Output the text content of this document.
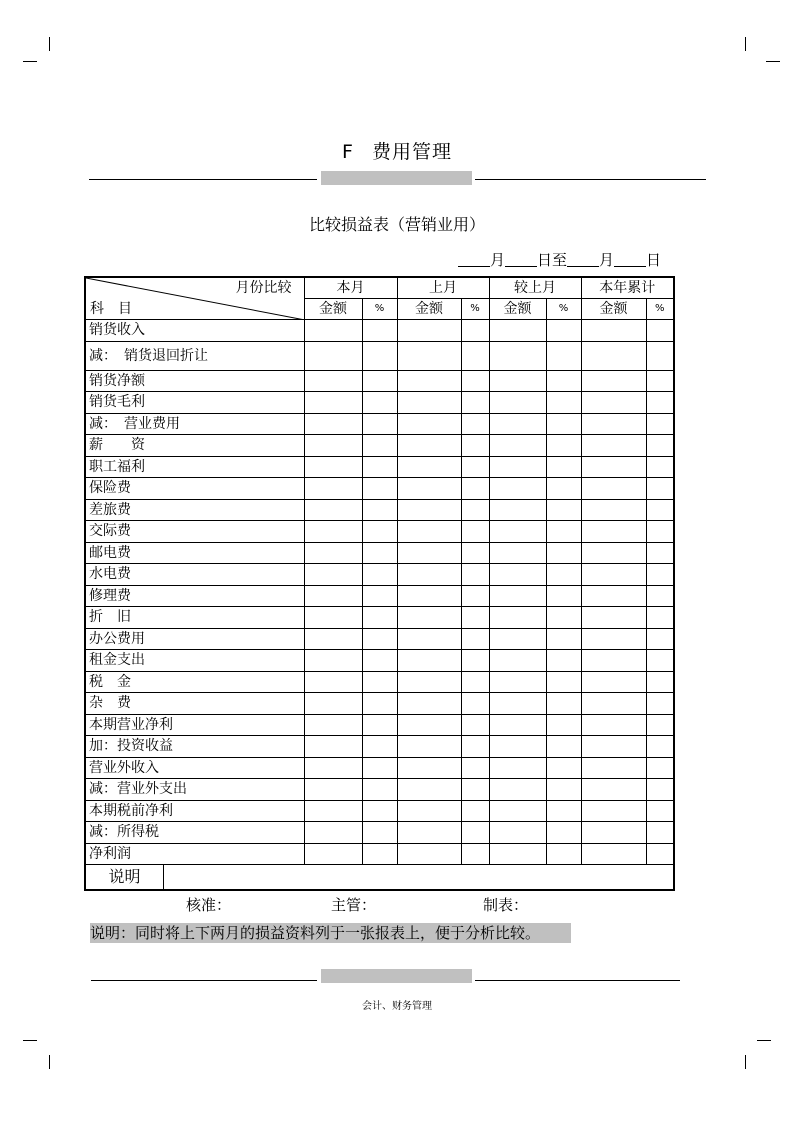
F 费用管理
比较损益表（营销业用）
月 日至 月 日
月份比较
科　目	本月		上月		较上月		本年累计	
	金额	%	金额	%	金额	%	金额	%
销货收入								
减：　销货退回折让								
销货净额								
销货毛利								
减：　营业费用								
薪　　资								
职工福利								
保险费								
差旅费								
交际费								
邮电费								
水电费								
修理费								
折　旧								
办公费用								
租金支出								
税　金								
杂　费								
本期营业净利								
加：投资收益								
营业外收入								
减：营业外支出								
本期税前净利								
减：所得税								
净利润								

说明								
核准：	主管：	制表：
说明：同时将上下两月的损益资料列于一张报表上，便于分析比较。
会计、财务管理
